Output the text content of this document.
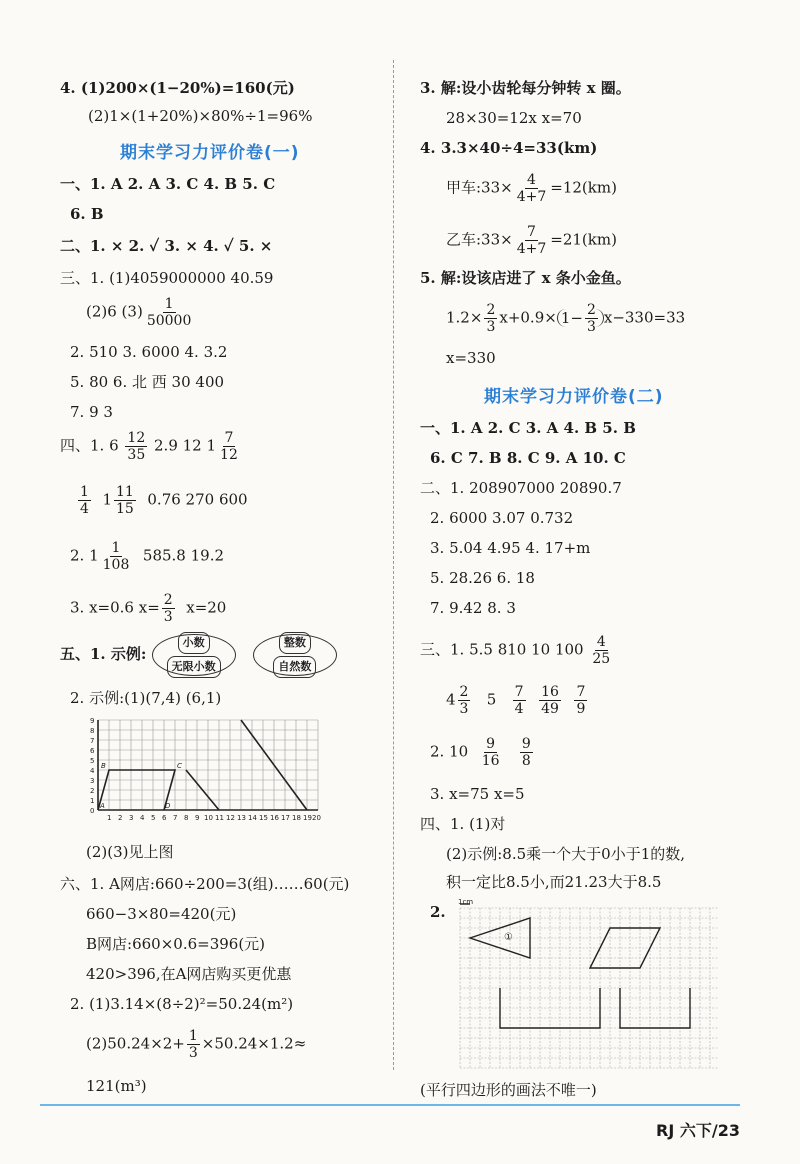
4. (1)200×(1−20%)=160(元)
(2)1×(1+20%)×80%÷1=96%
期末学习力评价卷(一)
一、1. A 2. A 3. C 4. B 5. C
6. B
二、1. × 2. ✓ 3. × 4. ✓ 5. ×
三、1. (1)4059000000 40.59
(2)6 $(3) \frac{1}{50000}$
2. 510 3. 6000 4. 3.2
5. 80 6. 北 西 30 400
7. 9 3
四、1. $6 \frac{12}{35} 2.9$ 12 $1 \frac{7}{12}$
$\frac{1}{4} 1 \frac{11}{15} 0.76$ 270 600
2. $1 \frac{1}{108} 585.8$ 19.2
3. x=0.6 $x= \frac{2}{3} x=20$
五、1. 示例:
小数
无限小数

整数
自然数
2. 示例:(1)(7,4) (6,1)
0
1
2
3
4
5
6
7
8
9
1 2 3 4 5 6 7 8 9 10 11 12 13 14 15 16 17 18 19 20
B	C
A	D
(2)(3)见上图
六、1. A网店:660÷200=3(组)……60(元)
660−3×80=420(元)
B网店:660×0.6=396(元)
420>396,在A网店购买更优惠
2. (1)3.14×(8÷2)²=50.24(m²)
$(2)50.24\times 2+ \frac{1}{3} \times 50.24\times 1.2\approx$
121(m³)
3. 解:设小齿轮每分钟转 x 圈。
28×30=12x x=70
4. 3.3×40÷4=33(km)
甲车:33× $\frac{4}{4+7} =12(km)$
乙车:33× $\frac{7}{4+7} =21(km)$
5. 解:设该店进了 x 条小金鱼。
$1.2\times \frac{2}{3} x+0.9\times 1- \frac{2}{3} x-330=33$
x=330
期末学习力评价卷(二)
一、1. A 2. C 3. A 4. B 5. B
6. C 7. B 8. C 9. A 10. C
二、1. 208907000 20890.7
2. 6000 3.07 0.732
3. 5.04 4.95 4. 17+m
5. 28.26 6. 18
7. 9.42 8. 3
三、1. 5.5 810 10 $100 \frac{4}{25}$
$4 \frac{2}{3} 5 \frac{7}{4}$
$\frac{16}{49}$
$\frac{7}{9}$
2. $10 \frac{9}{16}$
$\frac{9}{8}$
3. x=75 x=5
四、1. (1)对
(2)示例:8.5乘一个大于0小于1的数,
积一定比8.5小,而21.23大于8.5
2.
1cm
①
(平行四边形的画法不唯一)
RJ 六下/23
